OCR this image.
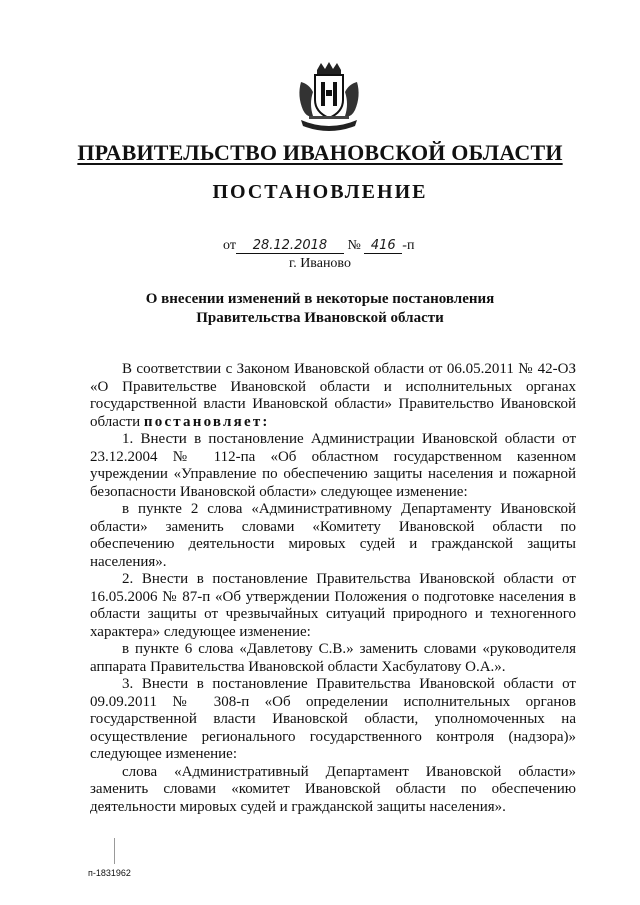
ПРАВИТЕЛЬСТВО ИВАНОВСКОЙ ОБЛАСТИ
ПОСТАНОВЛЕНИЕ
от 28.12.2018 № 416 -п
г. Иваново
О внесении изменений в некоторые постановления
Правительства Ивановской области

В соответствии с Законом Ивановской области от 06.05.2011 № 42-ОЗ «О Правительстве Ивановской области и исполнительных органах государственной власти Ивановской области» Правительство Ивановской области постановляет:

1. Внести в постановление Администрации Ивановской области от 23.12.2004 № 112-па «Об областном государственном казенном учреждении «Управление по обеспечению защиты населения и пожарной безопасности Ивановской области» следующее изменение:

в пункте 2 слова «Административному Департаменту Ивановской области» заменить словами «Комитету Ивановской области по обеспечению деятельности мировых судей и гражданской защиты населения».

2. Внести в постановление Правительства Ивановской области от 16.05.2006 № 87-п «Об утверждении Положения о подготовке населения в области защиты от чрезвычайных ситуаций природного и техногенного характера» следующее изменение:

в пункте 6 слова «Давлетову С.В.» заменить словами «руководителя аппарата Правительства Ивановской области Хасбулатову О.А.».

3. Внести в постановление Правительства Ивановской области от 09.09.2011 № 308-п «Об определении исполнительных органов государственной власти Ивановской области, уполномоченных на осуществление регионального государственного контроля (надзора)» следующее изменение:

слова «Административный Департамент Ивановской области» заменить словами «комитет Ивановской области по обеспечению деятельности мировых судей и гражданской защиты населения».

п-1831962
